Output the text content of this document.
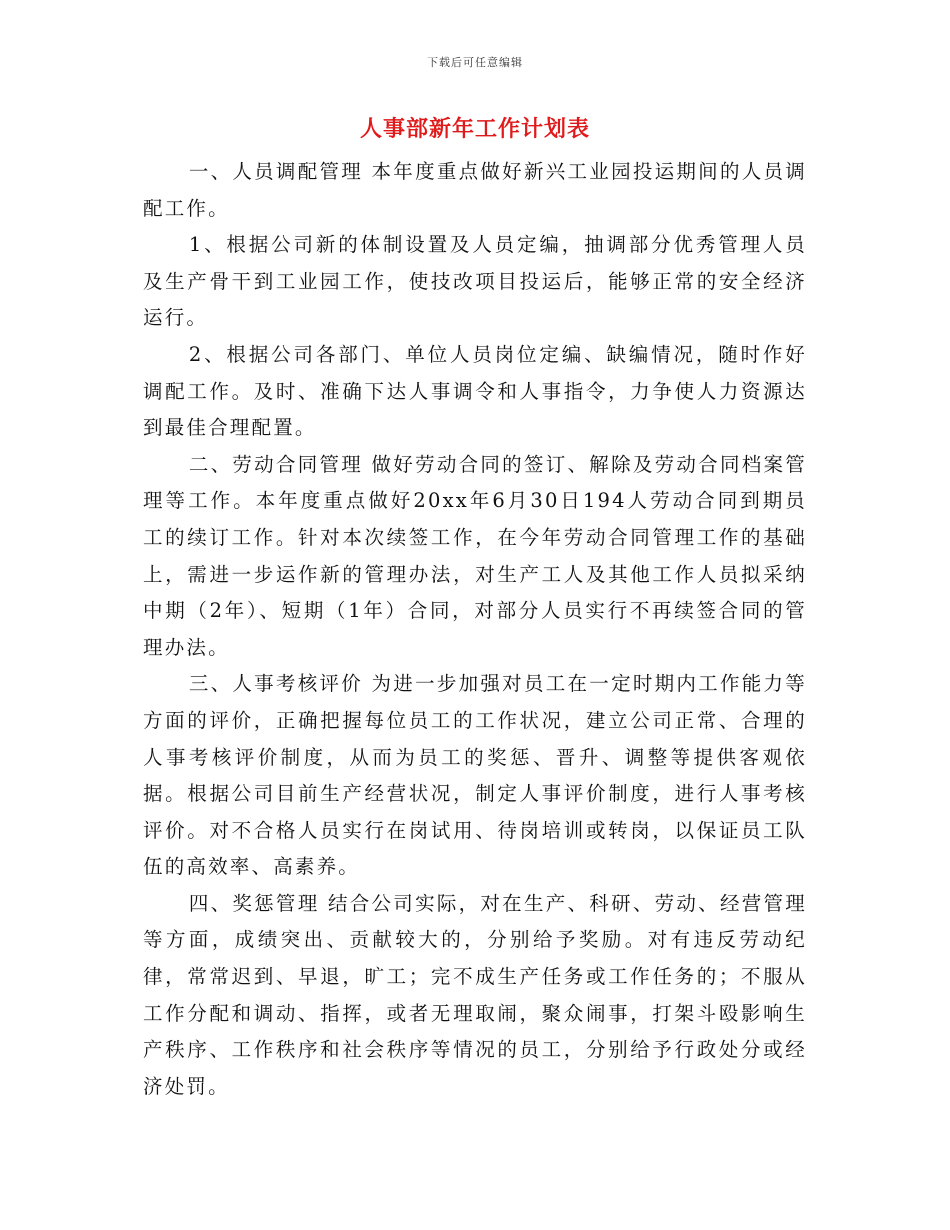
下载后可任意编辑
人事部新年工作计划表

一、人员调配管理 本年度重点做好新兴工业园投运期间的人员调配工作。

1、根据公司新的体制设置及人员定编，抽调部分优秀管理人员及生产骨干到工业园工作，使技改项目投运后，能够正常的安全经济运行。

2、根据公司各部门、单位人员岗位定编、缺编情况，随时作好调配工作。及时、准确下达人事调令和人事指令，力争使人力资源达到最佳合理配置。

二、劳动合同管理 做好劳动合同的签订、解除及劳动合同档案管理等工作。本年度重点做好20xx年6月30日194人劳动合同到期员工的续订工作。针对本次续签工作，在今年劳动合同管理工作的基础上，需进一步运作新的管理办法，对生产工人及其他工作人员拟采纳中期（2年）、短期（1年）合同，对部分人员实行不再续签合同的管理办法。

三、人事考核评价 为进一步加强对员工在一定时期内工作能力等方面的评价，正确把握每位员工的工作状况，建立公司正常、合理的人事考核评价制度，从而为员工的奖惩、晋升、调整等提供客观依据。根据公司目前生产经营状况，制定人事评价制度，进行人事考核评价。对不合格人员实行在岗试用、待岗培训或转岗，以保证员工队伍的高效率、高素养。

四、奖惩管理 结合公司实际，对在生产、科研、劳动、经营管理等方面，成绩突出、贡献较大的，分别给予奖励。对有违反劳动纪律，常常迟到、早退，旷工；完不成生产任务或工作任务的；不服从工作分配和调动、指挥，或者无理取闹，聚众闹事，打架斗殴影响生产秩序、工作秩序和社会秩序等情况的员工，分别给予行政处分或经济处罚。
